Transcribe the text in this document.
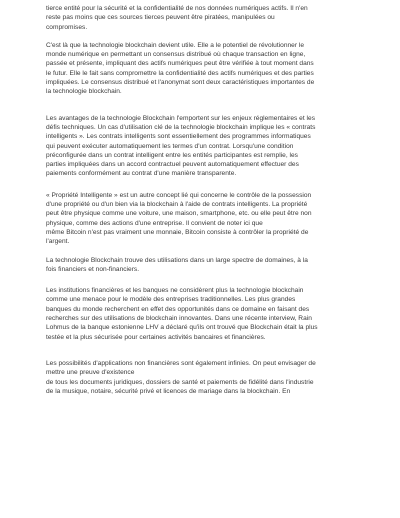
tierce entité pour la sécurité et la confidentialité de nos données numériques actifs. Il n'en
reste pas moins que ces sources tierces peuvent être piratées, manipulées ou
compromises.

C'est là que la technologie blockchain devient utile. Elle a le potentiel de révolutionner le
monde numérique en permettant un consensus distribué où chaque transaction en ligne,
passée et présente, impliquant des actifs numériques peut être vérifiée à tout moment dans
le futur. Elle le fait sans compromettre la confidentialité des actifs numériques et des parties
impliquées. Le consensus distribué et l'anonymat sont deux caractéristiques importantes de
la technologie blockchain.

Les avantages de la technologie Blockchain l'emportent sur les enjeux réglementaires et les
défis techniques. Un cas d'utilisation clé de la technologie blockchain implique les « contrats
intelligents ». Les contrats intelligents sont essentiellement des programmes informatiques
qui peuvent exécuter automatiquement les termes d'un contrat. Lorsqu'une condition
préconfigurée dans un contrat intelligent entre les entités participantes est remplie, les
parties impliquées dans un accord contractuel peuvent automatiquement effectuer des
paiements conformément au contrat d'une manière transparente.

« Propriété Intelligente » est un autre concept lié qui concerne le contrôle de la possession
d'une propriété ou d'un bien via la blockchain à l'aide de contrats intelligents. La propriété
peut être physique comme une voiture, une maison, smartphone, etc. ou elle peut être non
physique, comme des actions d'une entreprise. Il convient de noter ici que
même Bitcoin n'est pas vraiment une monnaie, Bitcoin consiste à contrôler la propriété de
l'argent.

La technologie Blockchain trouve des utilisations dans un large spectre de domaines, à la
fois financiers et non-financiers.

Les institutions financières et les banques ne considèrent plus la technologie blockchain
comme une menace pour le modèle des entreprises traditionnelles. Les plus grandes
banques du monde recherchent en effet des opportunités dans ce domaine en faisant des
recherches sur des utilisations de blockchain innovantes. Dans une récente interview, Rain
Lohmus de la banque estonienne LHV a déclaré qu'ils ont trouvé que Blockchain était la plus
testée et la plus sécurisée pour certaines activités bancaires et financières.

Les possibilités d'applications non financières sont également infinies. On peut envisager de
mettre une preuve d'existence
de tous les documents juridiques, dossiers de santé et paiements de fidélité dans l'industrie
de la musique, notaire, sécurité privé et licences de mariage dans la blockchain. En
